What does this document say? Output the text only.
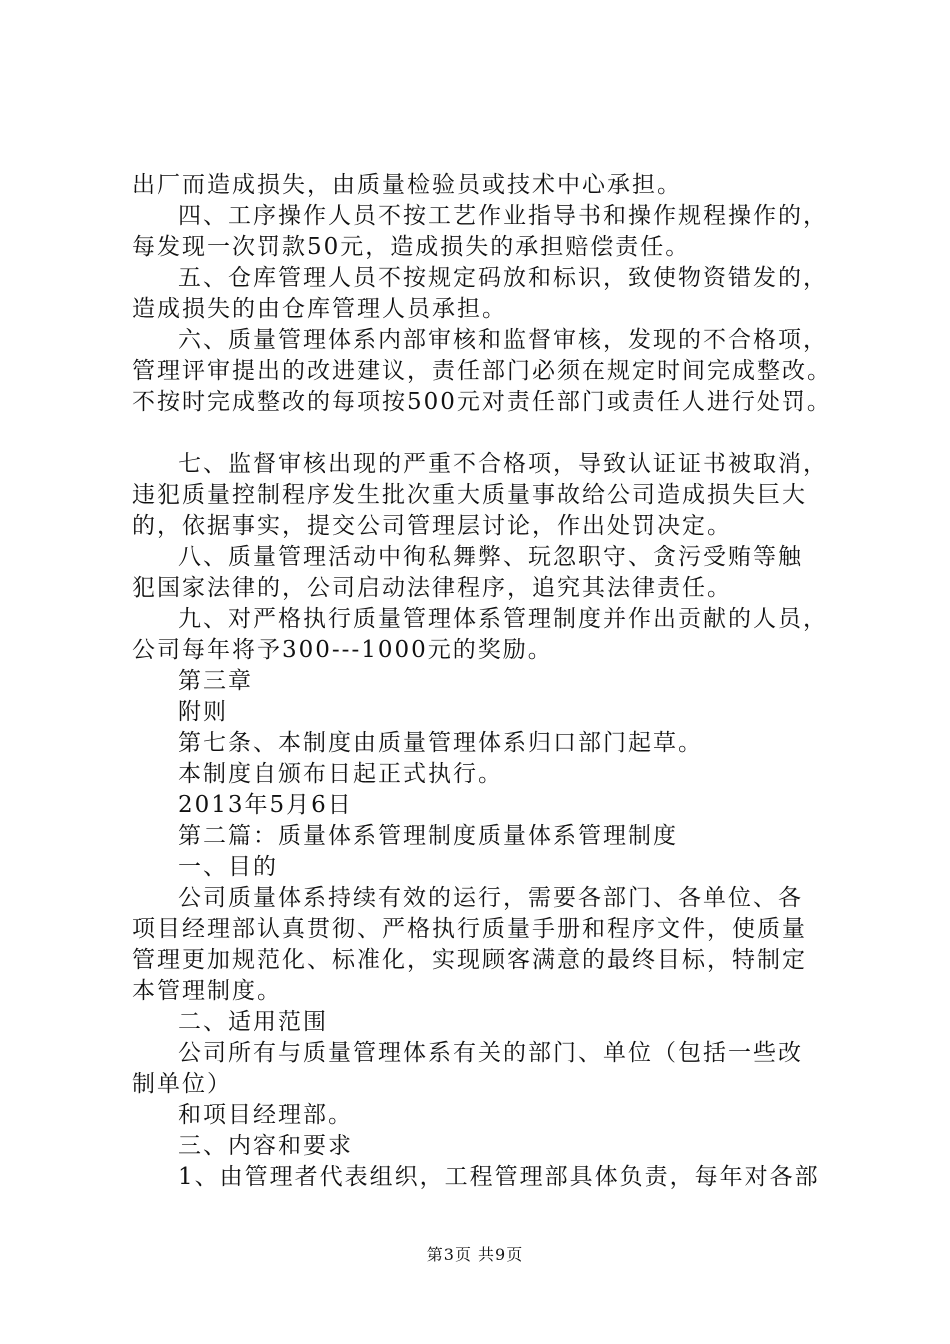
出厂而造成损失，由质量检验员或技术中心承担。

四、工序操作人员不按工艺作业指导书和操作规程操作的，

每发现一次罚款50元，造成损失的承担赔偿责任。

五、仓库管理人员不按规定码放和标识，致使物资错发的，

造成损失的由仓库管理人员承担。

六、质量管理体系内部审核和监督审核，发现的不合格项，

管理评审提出的改进建议，责任部门必须在规定时间完成整改。

不按时完成整改的每项按500元对责任部门或责任人进行处罚。

七、监督审核出现的严重不合格项，导致认证证书被取消，

违犯质量控制程序发生批次重大质量事故给公司造成损失巨大

的，依据事实，提交公司管理层讨论，作出处罚决定。

八、质量管理活动中徇私舞弊、玩忽职守、贪污受贿等触

犯国家法律的，公司启动法律程序，追究其法律责任。

九、对严格执行质量管理体系管理制度并作出贡献的人员，

公司每年将予300---1000元的奖励。

第三章

附则

第七条、本制度由质量管理体系归口部门起草。

本制度自颁布日起正式执行。

2013年5月6日

第二篇：质量体系管理制度质量体系管理制度

一、目的

公司质量体系持续有效的运行，需要各部门、各单位、各

项目经理部认真贯彻、严格执行质量手册和程序文件，使质量

管理更加规范化、标准化，实现顾客满意的最终目标，特制定

本管理制度。

二、适用范围

公司所有与质量管理体系有关的部门、单位（包括一些改

制单位）

和项目经理部。

三、内容和要求

1、由管理者代表组织，工程管理部具体负责，每年对各部

第3页 共9页
